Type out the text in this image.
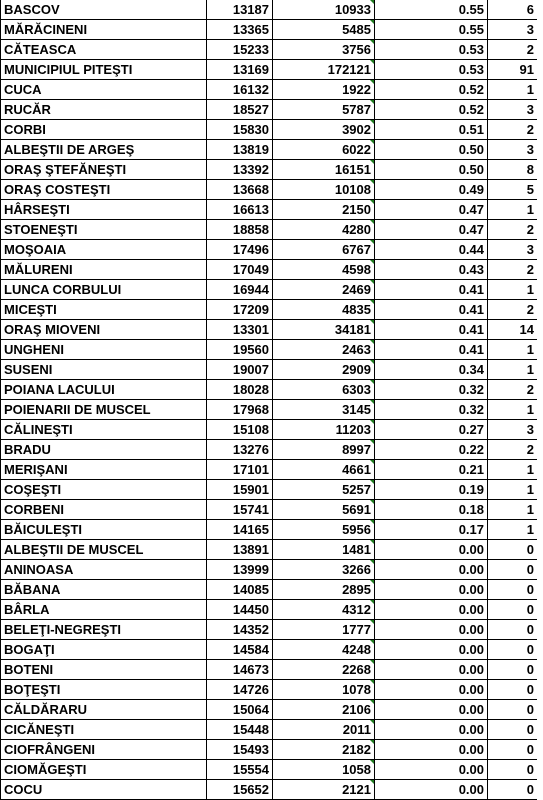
BASCOV	13187	10933	0.55	6
MĂRĂCINENI	13365	5485	0.55	3
CĂTEASCA	15233	3756	0.53	2
MUNICIPIUL PITEŞTI	13169	172121	0.53	91
CUCA	16132	1922	0.52	1
RUCĂR	18527	5787	0.52	3
CORBI	15830	3902	0.51	2
ALBEŞTII DE ARGEŞ	13819	6022	0.50	3
ORAŞ ŞTEFĂNEŞTI	13392	16151	0.50	8
ORAŞ COSTEŞTI	13668	10108	0.49	5
HÂRSEŞTI	16613	2150	0.47	1
STOENEŞTI	18858	4280	0.47	2
MOŞOAIA	17496	6767	0.44	3
MĂLURENI	17049	4598	0.43	2
LUNCA CORBULUI	16944	2469	0.41	1
MICEŞTI	17209	4835	0.41	2
ORAŞ MIOVENI	13301	34181	0.41	14
UNGHENI	19560	2463	0.41	1
SUSENI	19007	2909	0.34	1
POIANA LACULUI	18028	6303	0.32	2
POIENARII DE MUSCEL	17968	3145	0.32	1
CĂLINEŞTI	15108	11203	0.27	3
BRADU	13276	8997	0.22	2
MERIŞANI	17101	4661	0.21	1
COŞEŞTI	15901	5257	0.19	1
CORBENI	15741	5691	0.18	1
BĂICULEŞTI	14165	5956	0.17	1
ALBEŞTII DE MUSCEL	13891	1481	0.00	0
ANINOASA	13999	3266	0.00	0
BĂBANA	14085	2895	0.00	0
BÂRLA	14450	4312	0.00	0
BELEŢI-NEGREŞTI	14352	1777	0.00	0
BOGAŢI	14584	4248	0.00	0
BOTENI	14673	2268	0.00	0
BOŢEŞTI	14726	1078	0.00	0
CĂLDĂRARU	15064	2106	0.00	0
CICĂNEŞTI	15448	2011	0.00	0
CIOFRÂNGENI	15493	2182	0.00	0
CIOMĂGEŞTI	15554	1058	0.00	0
COCU	15652	2121	0.00	0
